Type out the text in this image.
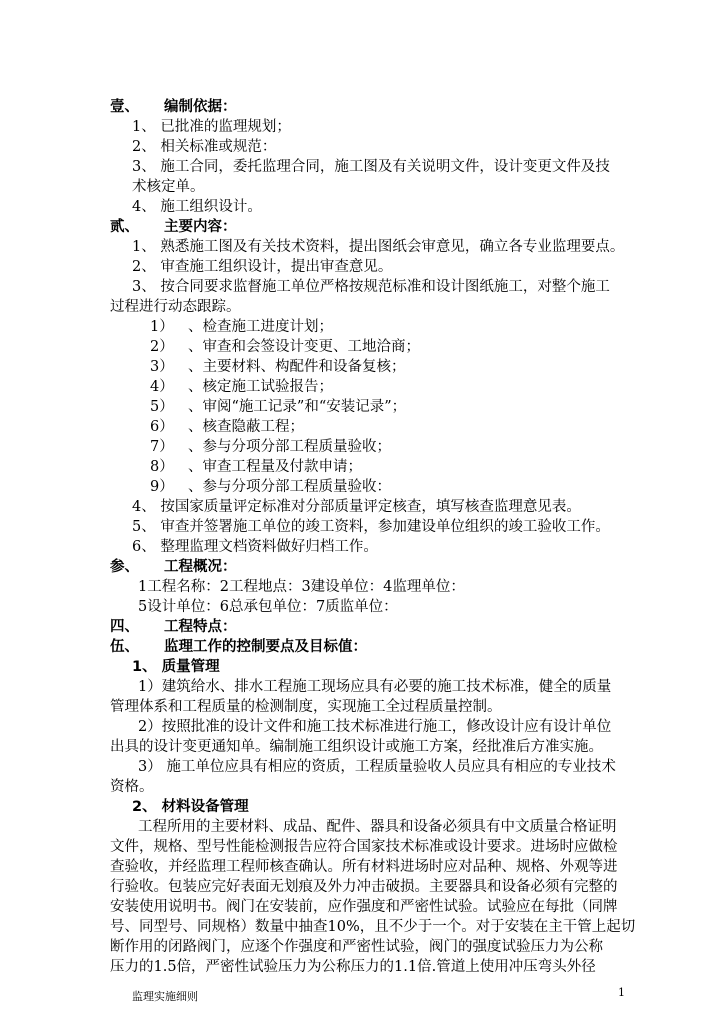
壹、 编制依据：
1、 已批准的监理规划；
2、 相关标准或规范：
3、 施工合同，委托监理合同，施工图及有关说明文件，设计变更文件及技
术核定单。
4、 施工组织设计。
贰、 主要内容：
1、 熟悉施工图及有关技术资料，提出图纸会审意见，确立各专业监理要点。
2、 审查施工组织设计，提出审查意见。
3、 按合同要求监督施工单位严格按规范标准和设计图纸施工，对整个施工
过程进行动态跟踪。
1） 、检查施工进度计划；
2） 、审查和会签设计变更、工地洽商；
3） 、主要材料、构配件和设备复核；
4） 、核定施工试验报告；
5） 、审阅“施工记录”和“安装记录”；
6） 、核查隐蔽工程；
7） 、参与分项分部工程质量验收；
8） 、审查工程量及付款申请；
9） 、参与分项分部工程质量验收：
4、 按国家质量评定标准对分部质量评定核查，填写核查监理意见表。
5、 审查并签署施工单位的竣工资料，参加建设单位组织的竣工验收工作。
6、 整理监理文档资料做好归档工作。
参、 工程概况：
1工程名称：2工程地点：3建设单位：4监理单位：
5设计单位：6总承包单位：7质监单位：
四、 工程特点：
伍、 监理工作的控制要点及目标值：
1、 质量管理
1）建筑给水、排水工程施工现场应具有必要的施工技术标准，健全的质量
管理体系和工程质量的检测制度，实现施工全过程质量控制。
2）按照批准的设计文件和施工技术标准进行施工，修改设计应有设计单位
出具的设计变更通知单。编制施工组织设计或施工方案，经批准后方准实施。
3） 施工单位应具有相应的资质，工程质量验收人员应具有相应的专业技术
资格。
2、 材料设备管理
工程所用的主要材料、成品、配件、器具和设备必须具有中文质量合格证明
文件，规格、型号性能检测报告应符合国家技术标准或设计要求。进场时应做检
查验收，并经监理工程师核查确认。所有材料进场时应对品种、规格、外观等进
行验收。包装应完好表面无划痕及外力冲击破损。主要器具和设备必须有完整的
安装使用说明书。阀门在安装前，应作强度和严密性试验。试验应在每批（同牌
号、同型号、同规格）数量中抽查10%，且不少于一个。对于安装在主干管上起切
断作用的闭路阀门，应逐个作强度和严密性试验，阀门的强度试验压力为公称
压力的1.5倍，严密性试验压力为公称压力的1.1倍.管道上使用冲压弯头外径
监理实施细则	1
